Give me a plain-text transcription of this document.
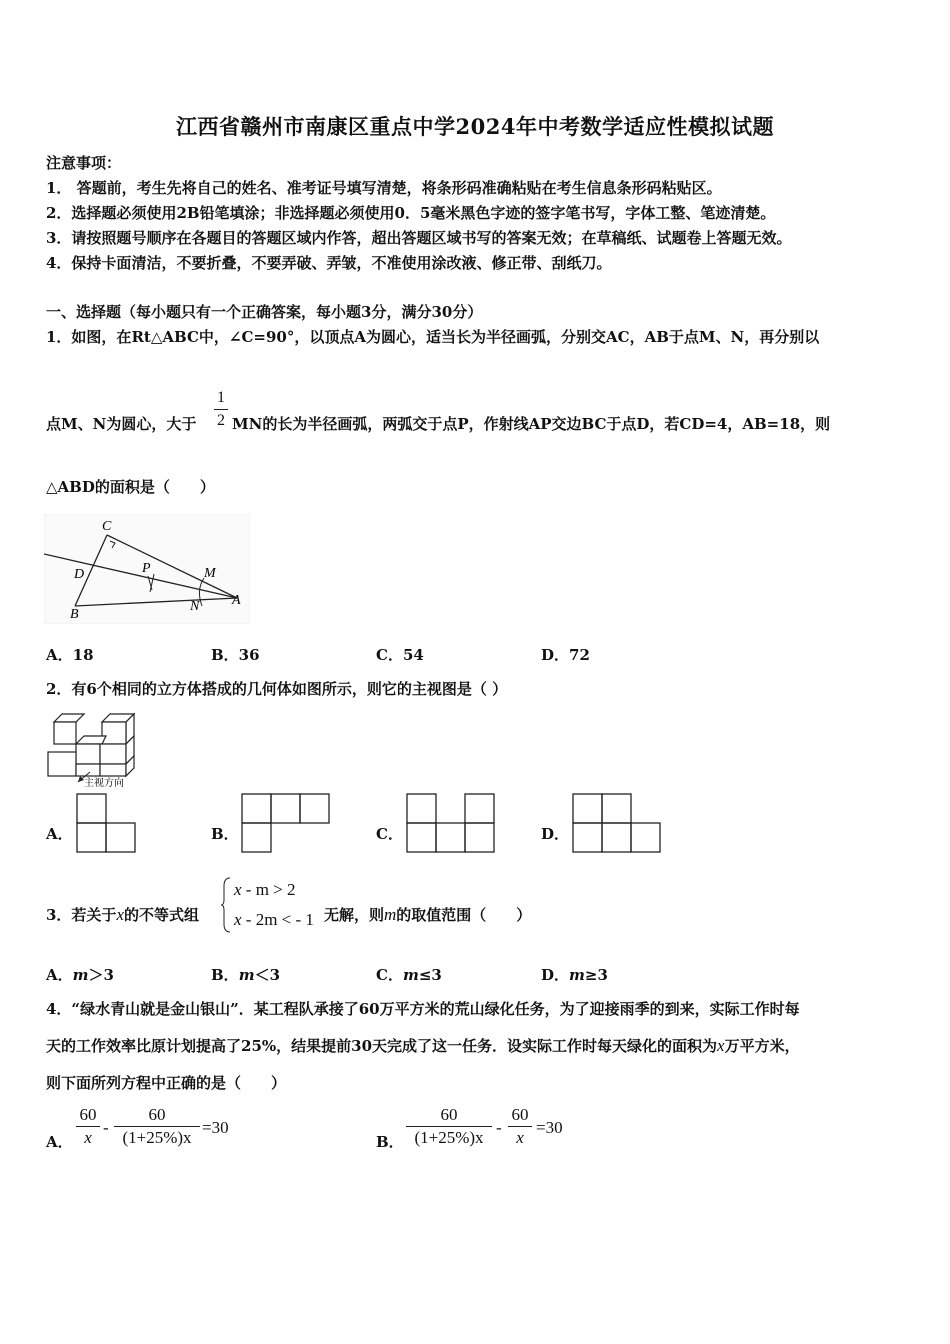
江西省赣州市南康区重点中学2024年中考数学适应性模拟试题
注意事项：
1． 答题前，考生先将自己的姓名、准考证号填写清楚，将条形码准确粘贴在考生信息条形码粘贴区。
2．选择题必须使用2B铅笔填涂；非选择题必须使用0．5毫米黑色字迹的签字笔书写，字体工整、笔迹清楚。
3．请按照题号顺序在各题目的答题区域内作答，超出答题区域书写的答案无效；在草稿纸、试题卷上答题无效。
4．保持卡面清洁，不要折叠，不要弄破、弄皱，不准使用涂改液、修正带、刮纸刀。
一、选择题（每小题只有一个正确答案，每小题3分，满分30分）
1．如图，在Rt△ABC中，∠C=90°，以顶点A为圆心，适当长为半径画弧，分别交AC，AB于点M、N，再分别以
点M、N为圆心，大于
1
2 MN的长为半径画弧，两弧交于点P，作射线AP交边BC于点D，若CD=4，AB=18，则
△ABD的面积是（　　）
C
D	P	M
B
N A
A．18	B．36	C．54	D．72
2．有6个相同的立方体搭成的几何体如图所示，则它的主视图是（ ）
主视方向
A．	B．	C．	D．
3．若关于x的不等式组
x - m > 2
x - 2m < - 1 无解，则m的取值范围（　　）
A．m＞3	B．m＜3	C．m≤3	D．m≥3
4．“绿水青山就是金山银山”．某工程队承接了60万平方米的荒山绿化任务，为了迎接雨季的到来，实际工作时每
天的工作效率比原计划提高了25%，结果提前30天完成了这一任务．设实际工作时每天绿化的面积为x万平方米，
则下面所列方程中正确的是（　　）
A．
60
x
-
60
(1+25%)x
=30
B．
60
(1+25%)x
-
60
x
=30
